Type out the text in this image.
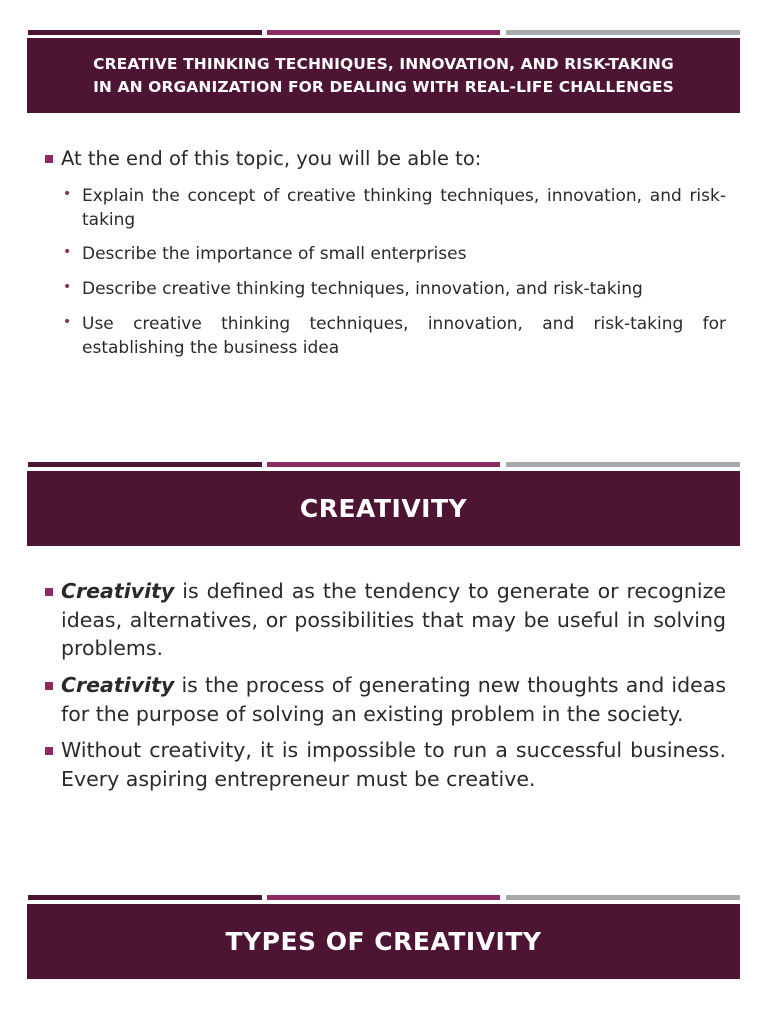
CREATIVE THINKING TECHNIQUES, INNOVATION, AND RISK-TAKING
IN AN ORGANIZATION FOR DEALING WITH REAL-LIFE CHALLENGES
At the end of this topic, you will be able to:
• Explain the concept of creative thinking techniques, innovation, and risk-taking
• Describe the importance of small enterprises
• Describe creative thinking techniques, innovation, and risk-taking
• Use creative thinking techniques, innovation, and risk-taking for establishing the business idea
CREATIVITY
Creativity is defined as the tendency to generate or recognize ideas, alternatives, or possibilities that may be useful in solving problems.
Creativity is the process of generating new thoughts and ideas for the purpose of solving an existing problem in the society.
Without creativity, it is impossible to run a successful business. Every aspiring entrepreneur must be creative.
TYPES OF CREATIVITY
